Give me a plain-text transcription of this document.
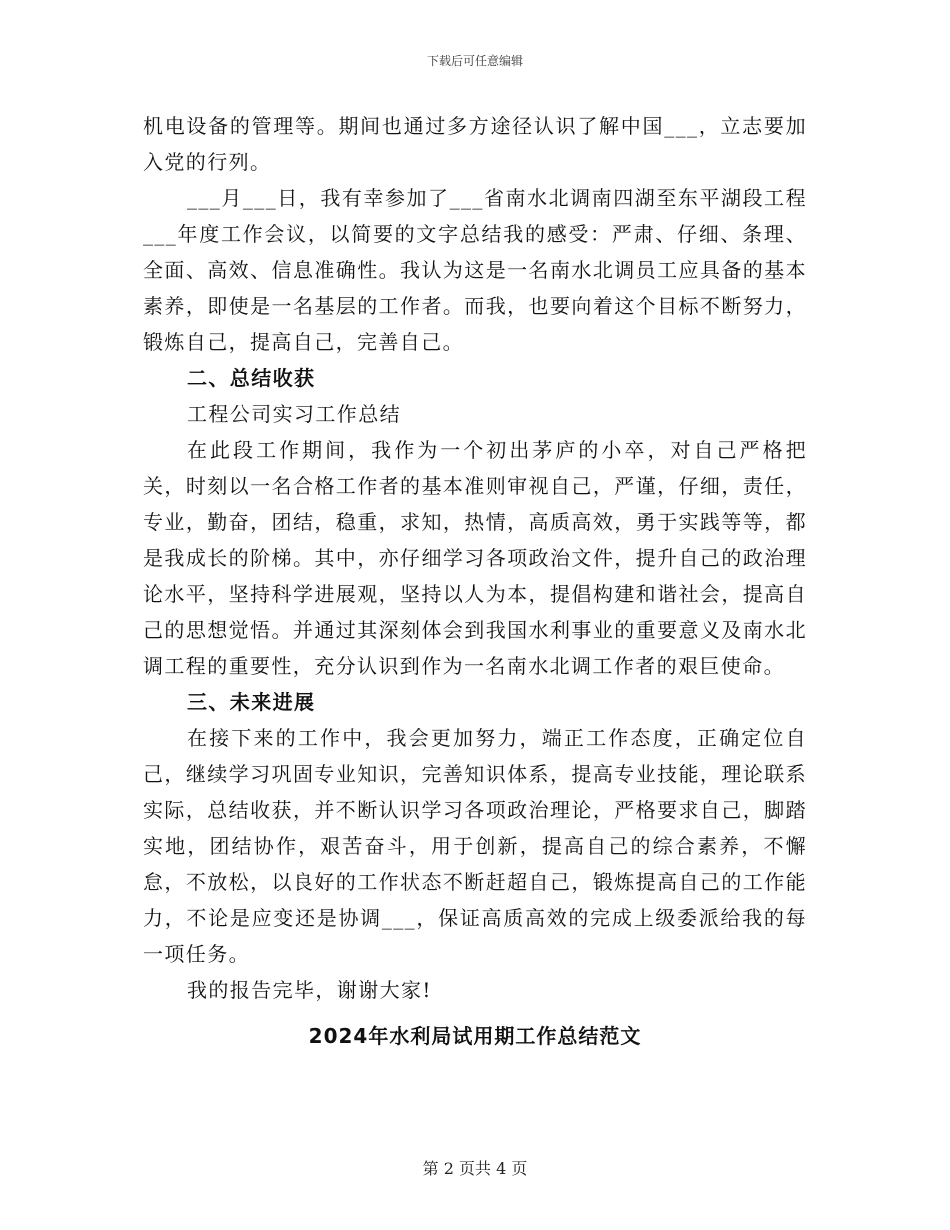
下载后可任意编辑

机电设备的管理等。期间也通过多方途径认识了解中国___，立志要加入党的行列。

___月___日，我有幸参加了___省南水北调南四湖至东平湖段工程___年度工作会议，以简要的文字总结我的感受：严肃、仔细、条理、全面、高效、信息准确性。我认为这是一名南水北调员工应具备的基本素养，即使是一名基层的工作者。而我，也要向着这个目标不断努力，锻炼自己，提高自己，完善自己。

二、总结收获

工程公司实习工作总结

在此段工作期间，我作为一个初出茅庐的小卒，对自己严格把关，时刻以一名合格工作者的基本准则审视自己，严谨，仔细，责任，专业，勤奋，团结，稳重，求知，热情，高质高效，勇于实践等等，都是我成长的阶梯。其中，亦仔细学习各项政治文件，提升自己的政治理论水平，坚持科学进展观，坚持以人为本，提倡构建和谐社会，提高自己的思想觉悟。并通过其深刻体会到我国水利事业的重要意义及南水北调工程的重要性，充分认识到作为一名南水北调工作者的艰巨使命。

三、未来进展

在接下来的工作中，我会更加努力，端正工作态度，正确定位自己，继续学习巩固专业知识，完善知识体系，提高专业技能，理论联系实际，总结收获，并不断认识学习各项政治理论，严格要求自己，脚踏实地，团结协作，艰苦奋斗，用于创新，提高自己的综合素养，不懈怠，不放松，以良好的工作状态不断赶超自己，锻炼提高自己的工作能力，不论是应变还是协调___，保证高质高效的完成上级委派给我的每一项任务。

我的报告完毕，谢谢大家!

2024年水利局试用期工作总结范文

第 2 页共 4 页
